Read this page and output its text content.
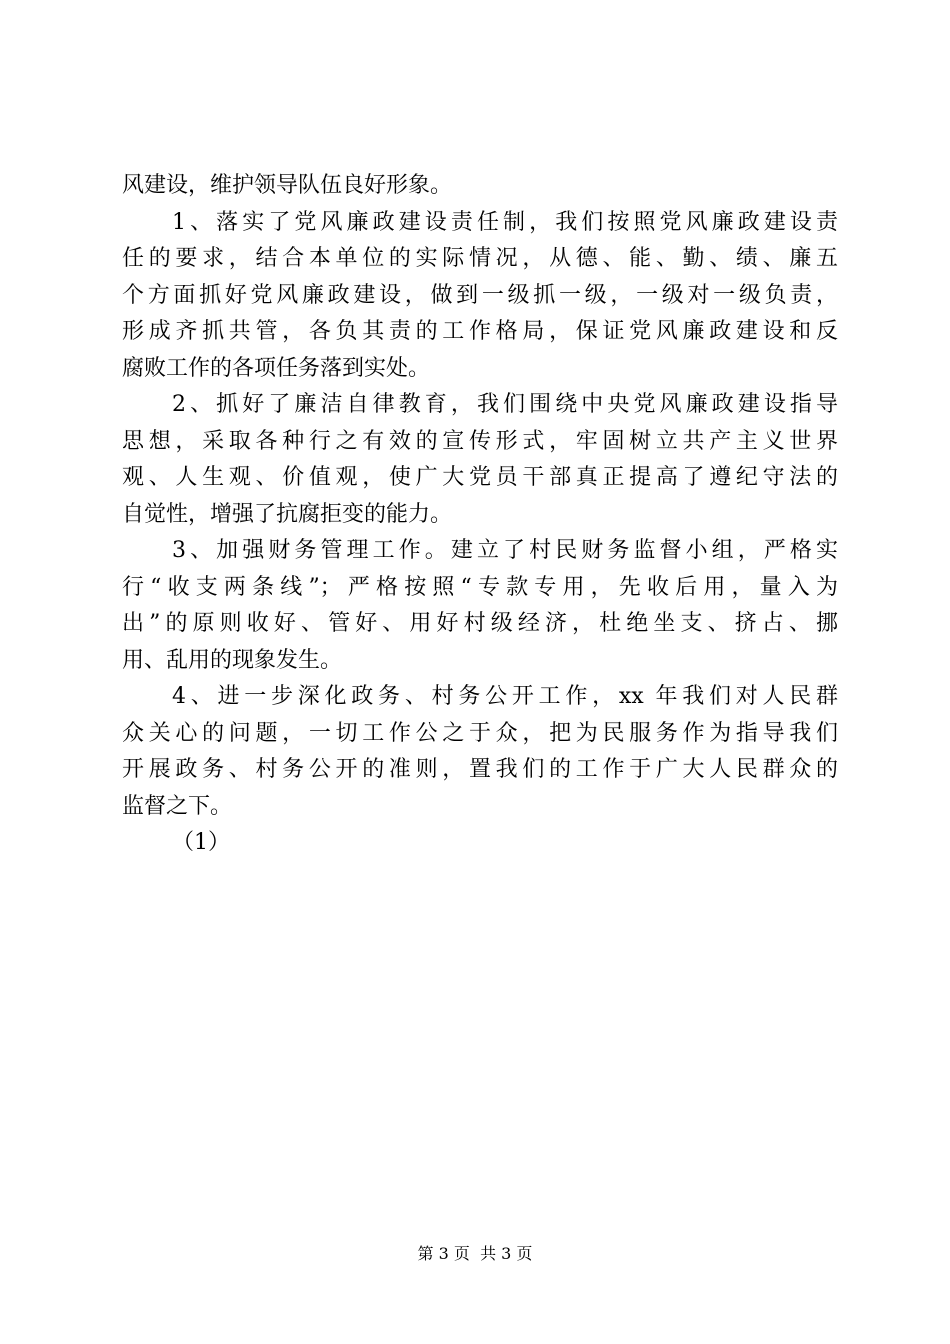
风建设，维护领导队伍良好形象。
1、落实了党风廉政建设责任制，我们按照党风廉政建设责
任的要求，结合本单位的实际情况，从德、能、勤、绩、廉五
个方面抓好党风廉政建设，做到一级抓一级，一级对一级负责，
形成齐抓共管，各负其责的工作格局，保证党风廉政建设和反
腐败工作的各项任务落到实处。
2、抓好了廉洁自律教育，我们围绕中央党风廉政建设指导
思想，采取各种行之有效的宣传形式，牢固树立共产主义世界
观、人生观、价值观，使广大党员干部真正提高了遵纪守法的
自觉性，增强了抗腐拒变的能力。
3、加强财务管理工作。建立了村民财务监督小组，严格实
行“收支两条线”；严格按照“专款专用，先收后用，量入为
出”的原则收好、管好、用好村级经济，杜绝坐支、挤占、挪
用、乱用的现象发生。
4、进一步深化政务、村务公开工作，xx 年我们对人民群
众关心的问题，一切工作公之于众，把为民服务作为指导我们
开展政务、村务公开的准则，置我们的工作于广大人民群众的
监督之下。
（1）
第 3 页  共 3 页
